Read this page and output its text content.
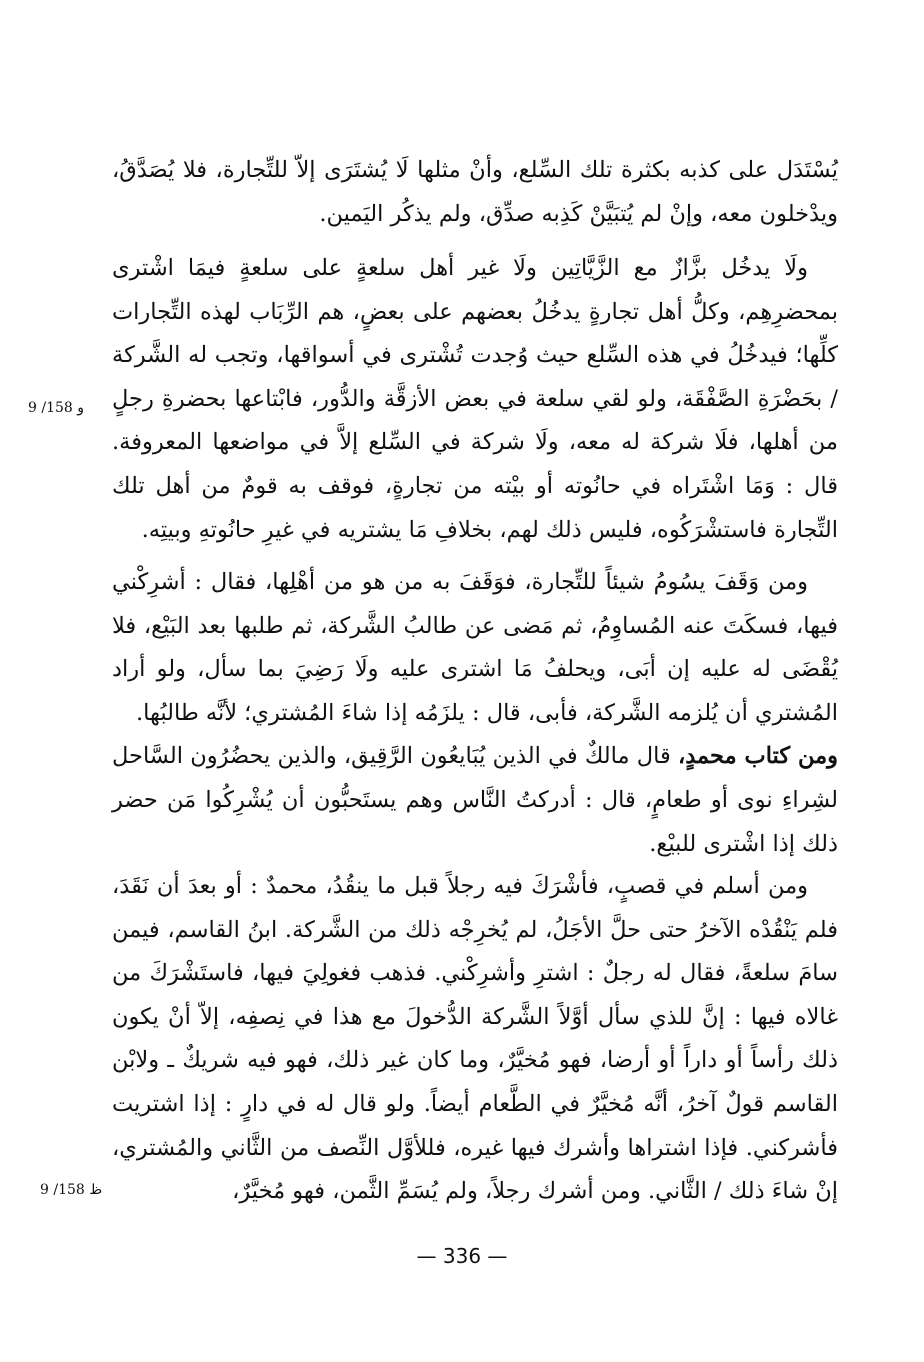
يُسْتَدَل على كذبه بكثرة تلك السِّلع، وأنْ مثلها لَا يُشتَرَى إلاّ للتِّجارة، فلا يُصَدَّقُ، ويدْخلون معه، وإنْ لم يُتبَيَّنْ كَذِبه صدِّق، ولم يذكُر اليَمين.

ولَا يدخُل بزَّازٌ مع الزَّيَّاتِين ولَا غير أهل سلعةٍ على سلعةٍ فيمَا اشْترى بمحضرِهِم، وكلُّ أهل تجارةٍ يدخُلُ بعضهم على بعضٍ، هم الرِّبَاب لهذه التِّجارات كلِّها؛ فيدخُلُ في هذه السِّلع حيث وُجدت تُشْترى في أسواقها، وتجب له الشَّركة / بحَضْرَةِ الصَّفْقَة، ولو لقي سلعة في بعض الأزقَّة والدُّور، فابْتاعها بحضرةِ رجلٍ من أهلها، فلَا شركة له معه، ولَا شركة في السِّلع إلاَّ في مواضعها المعروفة. قال : وَمَا اشْتَراه في حانُوته أو بيْته من تجارةٍ، فوقف به قومٌ من أهل تلك التِّجارة فاستشْرَكُوه، فليس ذلك لهم، بخلافِ مَا يشتريه في غيرِ حانُوتهِ وبيتِه.

ومن وَقَفَ يسُومُ شيئاً للتِّجارة، فوَقَفَ به من هو من أهْلِها، فقال : أشرِكْني فيها، فسكَتَ عنه المُساوِمُ، ثم مَضى عن طالبُ الشَّركة، ثم طلبها بعد البَيْع، فلا يُقْضَى له عليه إن أبَى، ويحلفُ مَا اشترى عليه ولَا رَضِيَ بما سأل، ولو أراد المُشتري أن يُلزمه الشَّركة، فأبى، قال : يلزَمُه إذا شاءَ المُشتري؛ لأنَّه طالبُها.

ومن كتاب محمدٍ، قال مالكٌ في الذين يُبَايعُون الرَّقِيق، والذين يحضُرُون السَّاحل لشِراءِ نوى أو طعامٍ، قال : أدركتُ النَّاس وهم يستَحبُّون أن يُشْرِكُوا مَن حضر ذلك إذا اشْترى للبيْع.

ومن أسلم في قصبٍ، فأشْرَكَ فيه رجلاً قبل ما ينقُدُ، محمدٌ : أو بعدَ أن نَقَدَ، فلم يَنْقُدْه الآخرُ حتى حلَّ الأجَلُ، لم يُخرِجْه ذلك من الشَّركة. ابنُ القاسم، فيمن سامَ سلعةً، فقال له رجلٌ : اشترِ وأشرِكْني. فذهب فغولِيَ فيها، فاستَشْرَكَ من غالاه فيها : إنَّ للذي سأل أوَّلاً الشَّركة الدُّخولَ مع هذا في نِصفِه، إلاّ أنْ يكون ذلك رأساً أو داراً أو أرضا، فهو مُخيَّرٌ، وما كان غير ذلك، فهو فيه شريكٌ ـ ولابْن القاسم قولٌ آخرُ، أنَّه مُخيَّرٌ في الطَّعام أيضاً. ولو قال له في دارٍ : إذا اشتريت فأشركني. فإذا اشتراها وأشرك فيها غيره، فللأوَّل النِّصف من الثَّاني والمُشتري، إنْ شاءَ ذلك / الثَّاني. ومن أشرك رجلاً، ولم يُسَمِّ الثَّمن، فهو مُخيَّرٌ،

9 /158 و
9 /158 ظ
— 336 —
